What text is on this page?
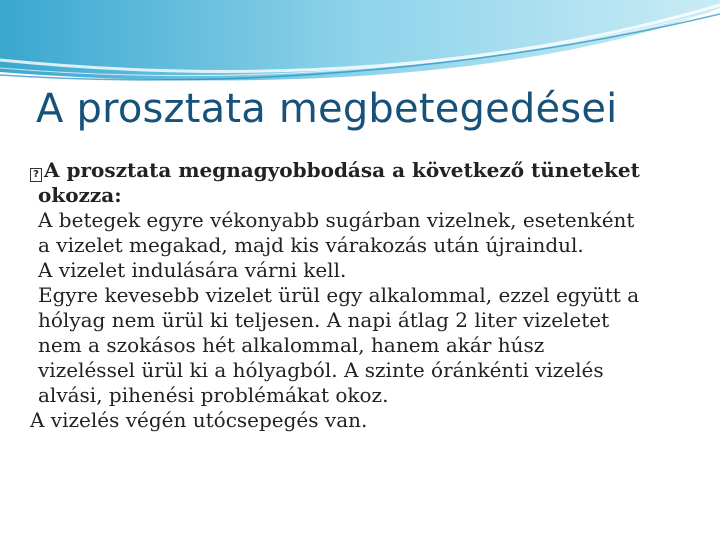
A prosztata megbetegedései
? A prosztata megnagyobbodása a következő tüneteket
okozza:
A betegek egyre vékonyabb sugárban vizelnek, esetenként
a vizelet megakad, majd kis várakozás után újraindul.
A vizelet indulására várni kell.
Egyre kevesebb vizelet ürül egy alkalommal, ezzel együtt a
hólyag nem ürül ki teljesen. A napi átlag 2 liter vizeletet
nem a szokásos hét alkalommal, hanem akár húsz
vizeléssel ürül ki a hólyagból. A szinte óránkénti vizelés
alvási, pihenési problémákat okoz.
A vizelés végén utócsepegés van.
